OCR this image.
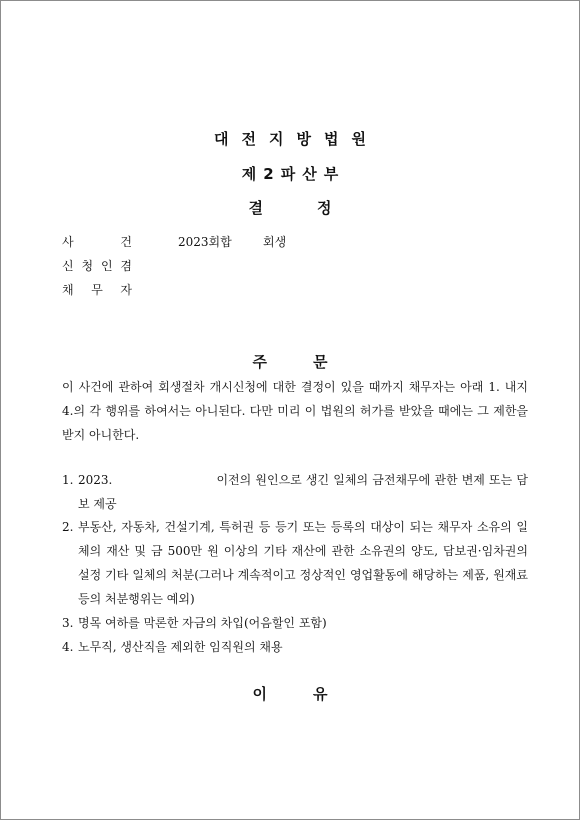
대전지방법원
제2파산부
결	정
사	건	2023회합	회생
신 청 인 겸
채 무 자
주	문
이 사건에 관하여 회생절차 개시신청에 대한 결정이 있을 때까지 채무자는 아래 1. 내지 4.의 각 행위를 하여서는 아니된다. 다만 미리 이 법원의 허가를 받았을 때에는 그 제한을 받지 아니한다.
1. 2023.                         이전의 원인으로 생긴 일체의 금전채무에 관한 변제 또는 담보 제공
2. 부동산, 자동차, 건설기계, 특허권 등 등기 또는 등록의 대상이 되는 채무자 소유의 일체의 재산 및 금 500만 원 이상의 기타 재산에 관한 소유권의 양도, 담보권·임차권의 설정 기타 일체의 처분(그러나 계속적이고 정상적인 영업활동에 해당하는 제품, 원재료 등의 처분행위는 예외)
3. 명목 여하를 막론한 자금의 차입(어음할인 포함)
4. 노무직, 생산직을 제외한 임직원의 채용
이	유
